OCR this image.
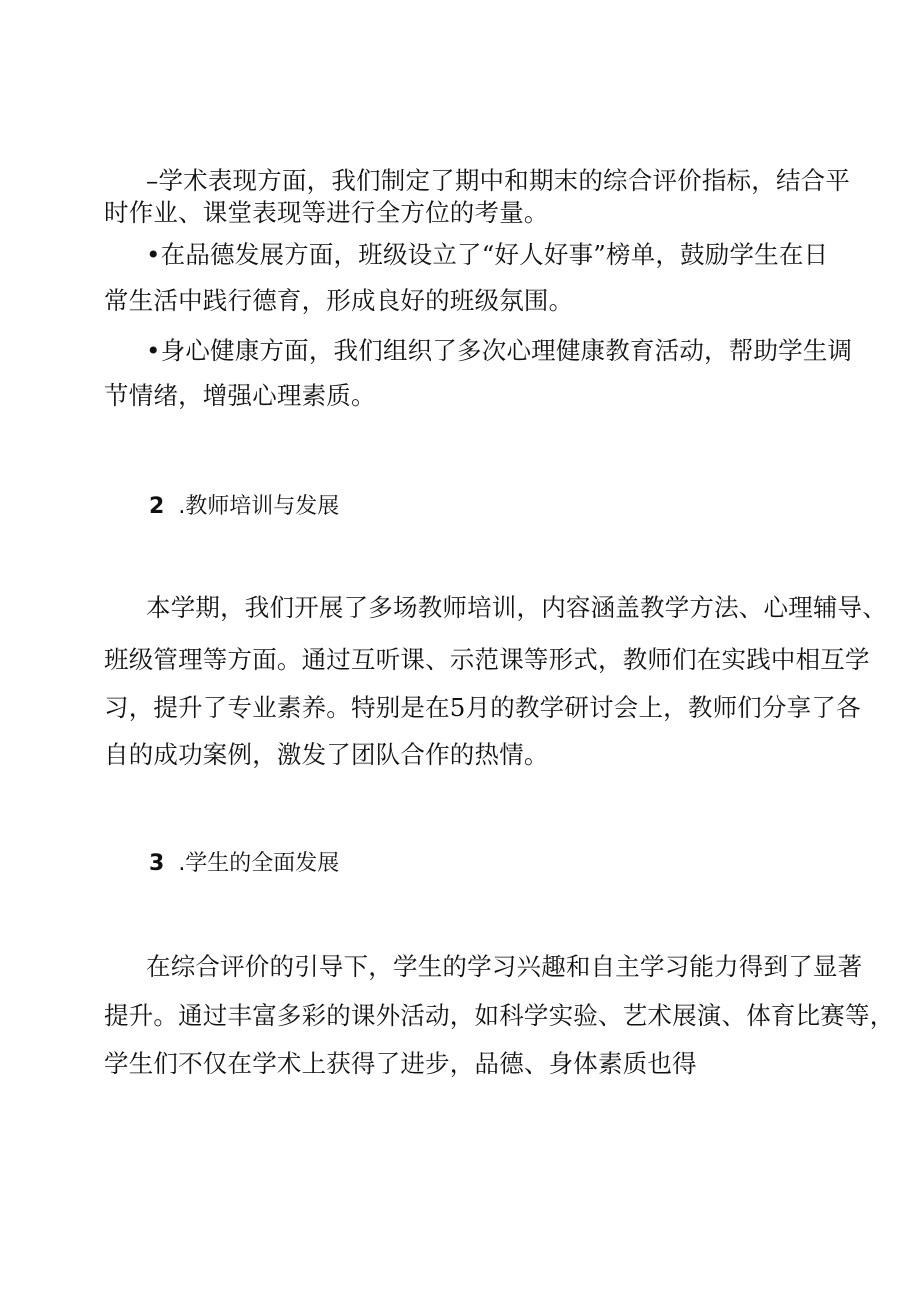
–学术表现方面，我们制定了期中和期末的综合评价指标，结合平
时作业、课堂表现等进行全方位的考量。
•在品德发展方面，班级设立了“好人好事”榜单，鼓励学生在日
常生活中践行德育，形成良好的班级氛围。
•身心健康方面，我们组织了多次心理健康教育活动，帮助学生调
节情绪，增强心理素质。
2 .教师培训与发展
本学期，我们开展了多场教师培训，内容涵盖教学方法、心理辅导、
班级管理等方面。通过互听课、示范课等形式，教师们在实践中相互学
习，提升了专业素养。特别是在5月的教学研讨会上，教师们分享了各
自的成功案例，激发了团队合作的热情。
3 .学生的全面发展
在综合评价的引导下，学生的学习兴趣和自主学习能力得到了显著
提升。通过丰富多彩的课外活动，如科学实验、艺术展演、体育比赛等，
学生们不仅在学术上获得了进步，品德、身体素质也得
